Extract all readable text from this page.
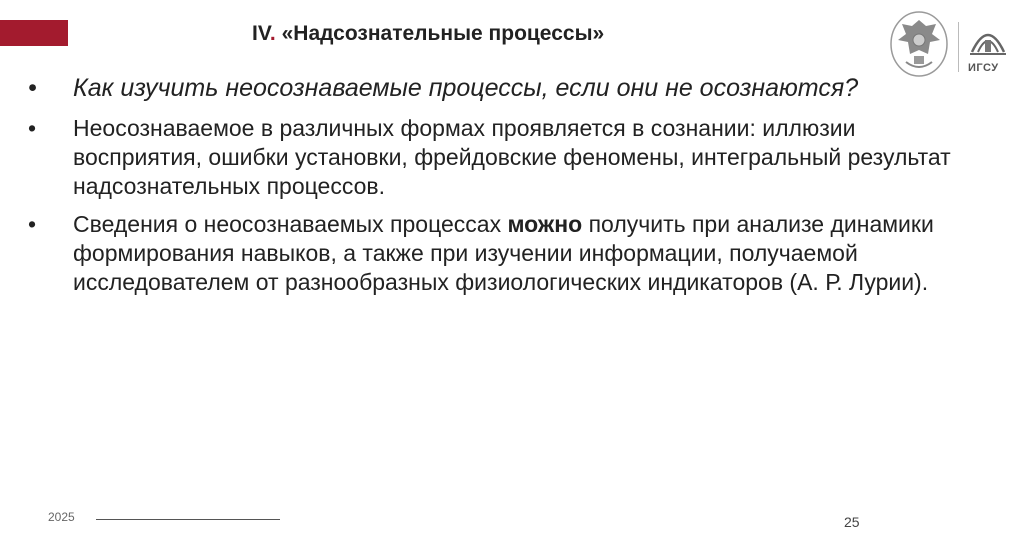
IV. «Надсознательные процессы»
ИГСУ
•	Как изучить неосознаваемые процессы, если они не осознаются?
•	Неосознаваемое в различных формах проявляется в сознании: иллюзии восприятия, ошибки установки, фрейдовские феномены, интегральный результат надсознательных процессов.
•	Сведения о неосознаваемых процессах можно получить при анализе динамики формирования навыков, а также при изучении информации, получаемой исследователем от разнообразных физиологических индикаторов (А. Р. Лурии).
2025	25
